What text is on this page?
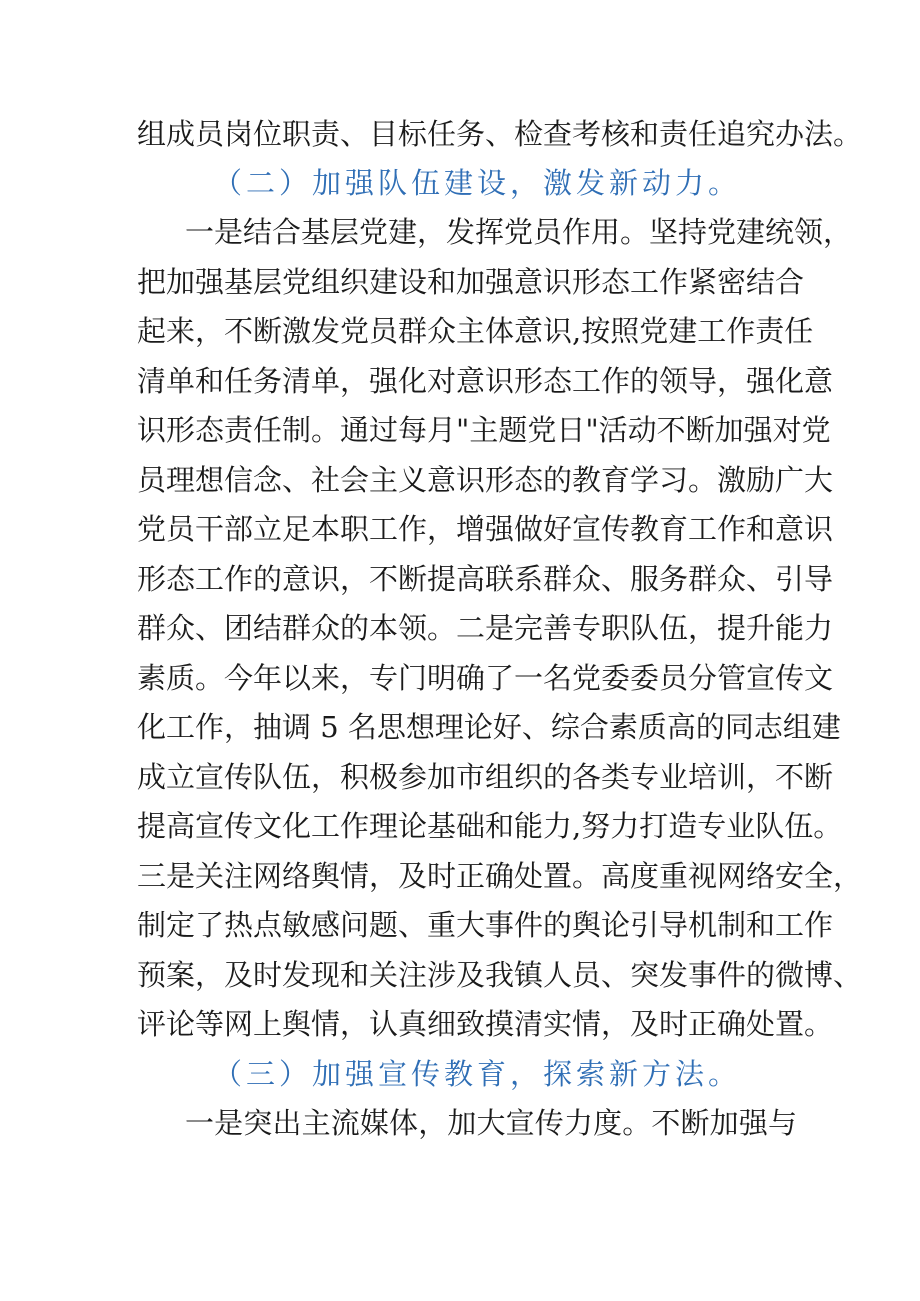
组成员岗位职责、目标任务、检查考核和责任追究办法。
（二）加强队伍建设，激发新动力。
一是结合基层党建，发挥党员作用。坚持党建统领，
把加强基层党组织建设和加强意识形态工作紧密结合
起来，不断激发党员群众主体意识,按照党建工作责任
清单和任务清单，强化对意识形态工作的领导，强化意
识形态责任制。通过每月"主题党日"活动不断加强对党
员理想信念、社会主义意识形态的教育学习。激励广大
党员干部立足本职工作，增强做好宣传教育工作和意识
形态工作的意识，不断提高联系群众、服务群众、引导
群众、团结群众的本领。二是完善专职队伍，提升能力
素质。今年以来，专门明确了一名党委委员分管宣传文
化工作，抽调 5 名思想理论好、综合素质高的同志组建
成立宣传队伍，积极参加市组织的各类专业培训，不断
提高宣传文化工作理论基础和能力,努力打造专业队伍。
三是关注网络舆情，及时正确处置。高度重视网络安全，
制定了热点敏感问题、重大事件的舆论引导机制和工作
预案，及时发现和关注涉及我镇人员、突发事件的微博、
评论等网上舆情，认真细致摸清实情，及时正确处置。
（三）加强宣传教育，探索新方法。
一是突出主流媒体，加大宣传力度。不断加强与
